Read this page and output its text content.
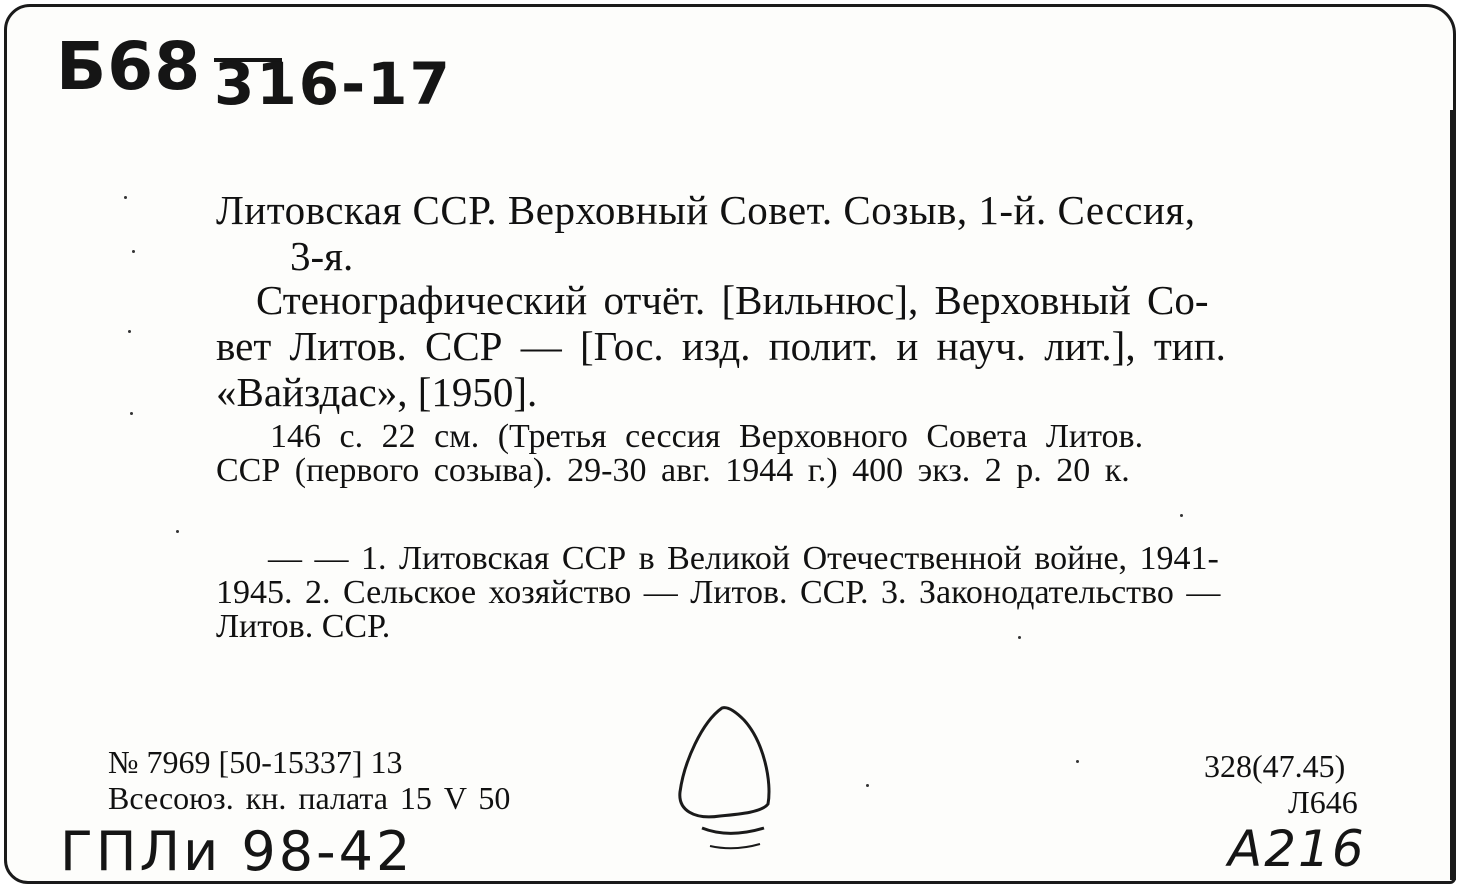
Б68 316-17
Литовская ССР. Верховный Совет. Созыв, 1-й. Сессия,
3-я.
Стенографический отчёт. [Вильнюс], Верховный Со-
вет Литов. ССР — [Гос. изд. полит. и науч. лит.], тип.
«Вайздас», [1950].
146 с. 22 см. (Третья сессия Верховного Совета Литов.
ССР (первого созыва). 29-30 авг. 1944 г.) 400 экз. 2 р. 20 к.
— — 1. Литовская ССР в Великой Отечественной войне, 1941-
1945. 2. Сельское хозяйство — Литов. ССР. 3. Законодательство —
Литов. ССР.
№ 7969 [50-15337] 13
Всесоюз. кн. палата 15 V 50
328(47.45)
Л646
ГПЛи 98-42	А216
